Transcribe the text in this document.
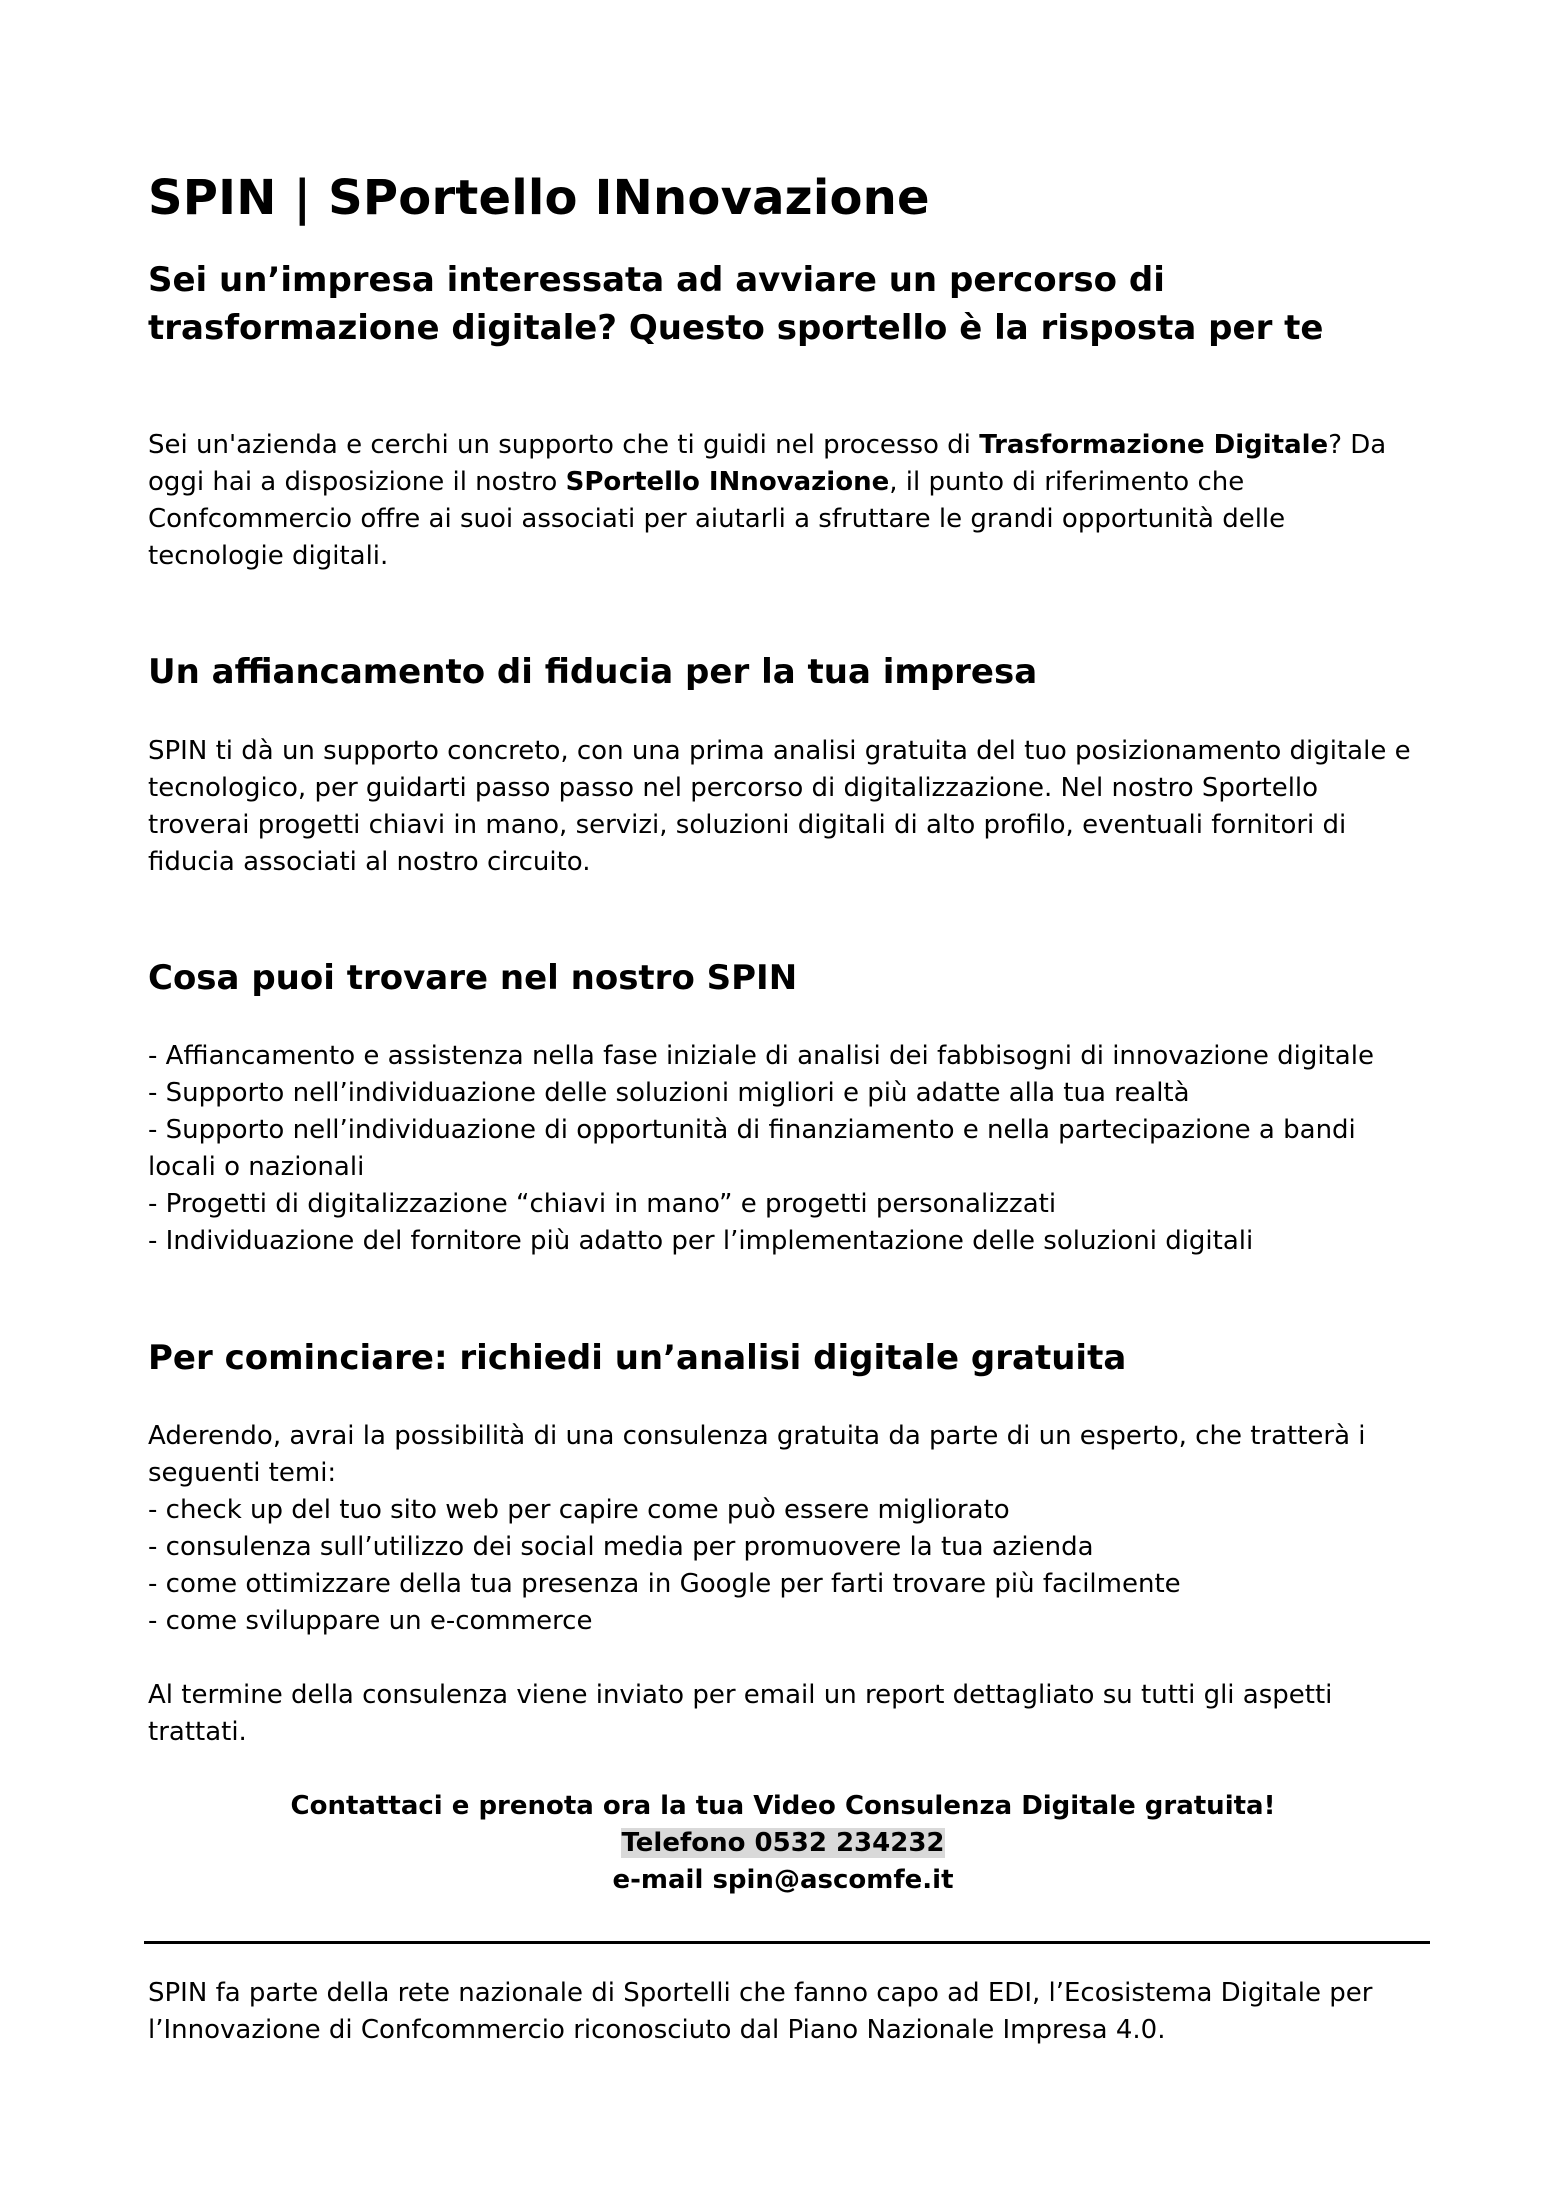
SPIN | SPortello INnovazione
Sei un’impresa interessata ad avviare un percorso di trasformazione digitale? Questo sportello è la risposta per te

Sei un'azienda e cerchi un supporto che ti guidi nel processo di Trasformazione Digitale? Da oggi hai a disposizione il nostro SPortello INnovazione, il punto di riferimento che Confcommercio offre ai suoi associati per aiutarli a sfruttare le grandi opportunità delle tecnologie digitali.

Un affiancamento di fiducia per la tua impresa

SPIN ti dà un supporto concreto, con una prima analisi gratuita del tuo posizionamento digitale e tecnologico, per guidarti passo passo nel percorso di digitalizzazione. Nel nostro Sportello troverai progetti chiavi in mano, servizi, soluzioni digitali di alto profilo, eventuali fornitori di fiducia associati al nostro circuito.

Cosa puoi trovare nel nostro SPIN

- Affiancamento e assistenza nella fase iniziale di analisi dei fabbisogni di innovazione digitale
- Supporto nell’individuazione delle soluzioni migliori e più adatte alla tua realtà
- Supporto nell’individuazione di opportunità di finanziamento e nella partecipazione a bandi locali o nazionali
- Progetti di digitalizzazione “chiavi in mano” e progetti personalizzati
- Individuazione del fornitore più adatto per l’implementazione delle soluzioni digitali

Per cominciare: richiedi un’analisi digitale gratuita

Aderendo, avrai la possibilità di una consulenza gratuita da parte di un esperto, che tratterà i seguenti temi:
- check up del tuo sito web per capire come può essere migliorato
- consulenza sull’utilizzo dei social media per promuovere la tua azienda
- come ottimizzare della tua presenza in Google per farti trovare più facilmente
- come sviluppare un e-commerce

Al termine della consulenza viene inviato per email un report dettagliato su tutti gli aspetti trattati.

Contattaci e prenota ora la tua Video Consulenza Digitale gratuita!
Telefono 0532 234232
e-mail spin@ascomfe.it

SPIN fa parte della rete nazionale di Sportelli che fanno capo ad EDI, l’Ecosistema Digitale per l’Innovazione di Confcommercio riconosciuto dal Piano Nazionale Impresa 4.0.
